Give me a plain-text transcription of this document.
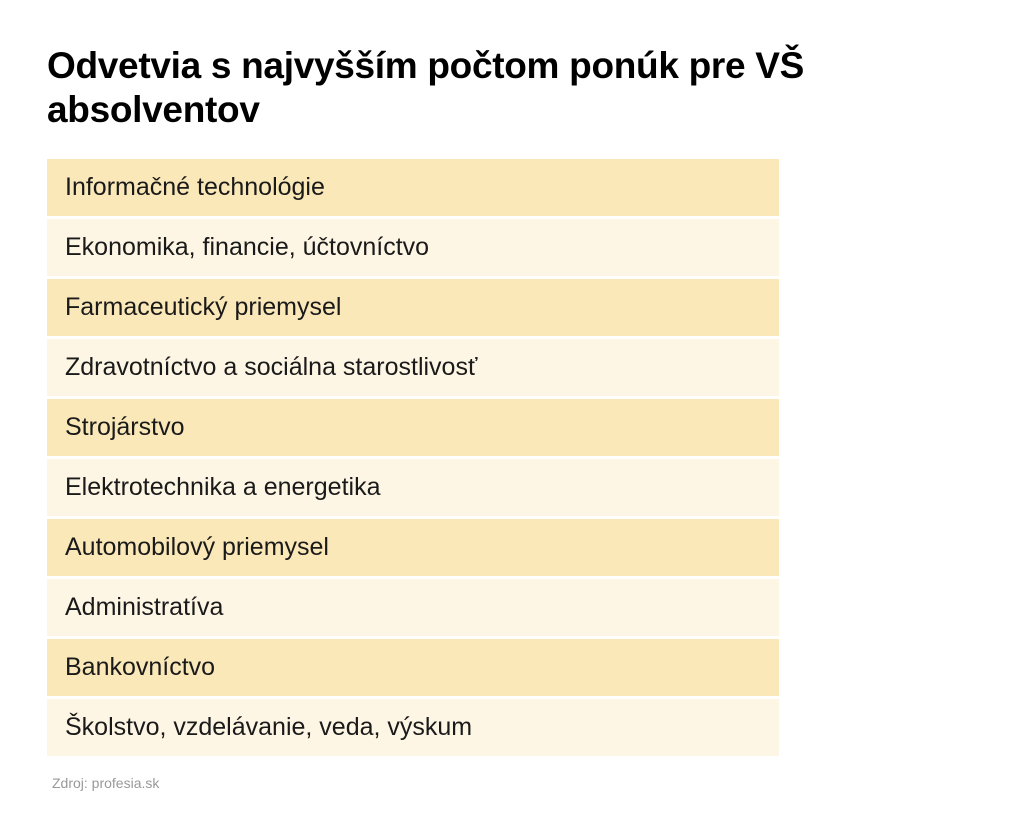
Odvetvia s najvyšším počtom ponúk pre VŠ absolventov
Informačné technológie
Ekonomika, financie, účtovníctvo
Farmaceutický priemysel
Zdravotníctvo a sociálna starostlivosť
Strojárstvo
Elektrotechnika a energetika
Automobilový priemysel
Administratíva
Bankovníctvo
Školstvo, vzdelávanie, veda, výskum
Zdroj: profesia.sk
